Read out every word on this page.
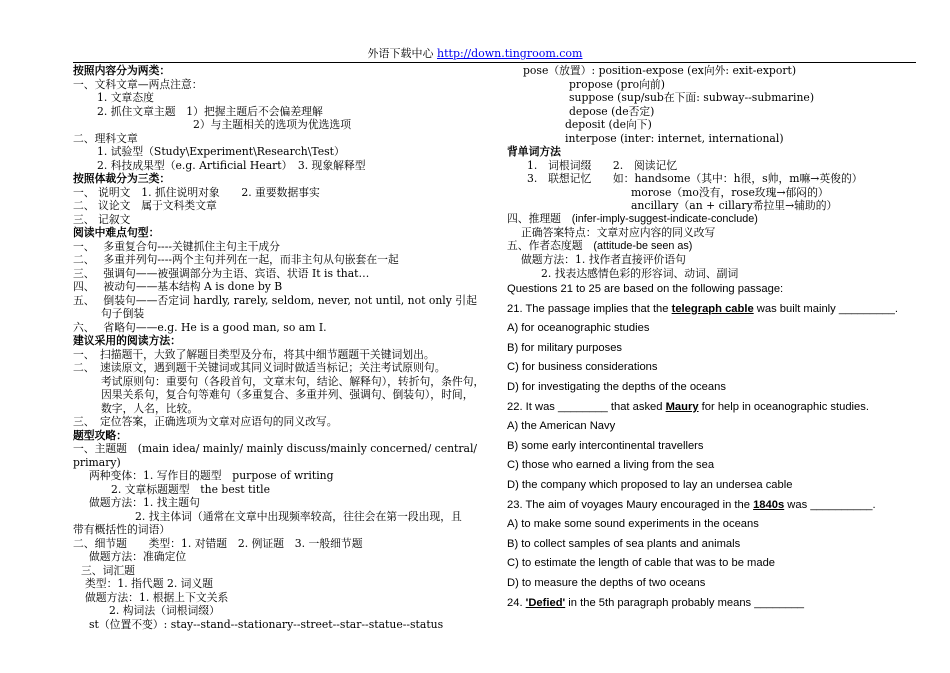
外语下载中心 http://down.tingroom.com
按照内容分为两类：
一、文科文章—两点注意：
1. 文章态度
2. 抓住文章主题　1）把握主题后不会偏差理解
2）与主题相关的选项为优选选项
二、理科文章
1. 试验型（Study\Experiment\Research\Test）
2. 科技成果型（e.g. Artificial Heart）　3. 现象解释型
按照体裁分为三类：
一、 说明文　1. 抓住说明对象　　2. 重要数据事实
二、 议论文　属于文科类文章
三、 记叙文
阅读中难点句型：
一、　 多重复合句----关键抓住主句主干成分
二、　 多重并列句----两个主句并列在一起，而非主句从句嵌套在一起
三、　 强调句——被强调部分为主语、宾语、状语 It is that…
四、　 被动句——基本结构 A is done by B
五、　 倒装句——否定词 hardly, rarely, seldom, never, not until, not only 引起
句子倒装
六、　 省略句——e.g. He is a good man, so am I.
建议采用的阅读方法：
一、　扫描题干，大致了解题目类型及分布，将其中细节题题干关键词划出。
二、　速读原文，遇到题干关键词或其同义词时做适当标记；关注考试原则句。
考试原则句：重要句（各段首句，文章末句，结论、解释句），转折句，条件句，
因果关系句，复合句等难句（多重复合、多重并列、强调句、倒装句），时间，
数字，人名，比较。
三、　定位答案，正确选项为文章对应语句的同义改写。
题型攻略：
一、主题题　(main idea/ mainly/ mainly discuss/mainly concerned/ central/
primary)
两种变体：1. 写作目的题型　purpose of writing
2. 文章标题题型　the best title
做题方法：1. 找主题句
2. 找主体词（通常在文章中出现频率较高，往往会在第一段出现，且
带有概括性的词语）
二、细节题　　类型：1. 对错题　2. 例证题　3. 一般细节题
做题方法：准确定位
三、词汇题
类型：1. 指代题 2. 词义题
做题方法：1. 根据上下文关系
2. 构词法（词根词缀）
st（位置不变）: stay--stand--stationary--street--star--statue--status
pose（放置）: position-expose (ex向外: exit-export)
propose (pro向前)
suppose (sup/sub在下面: subway--submarine)
depose (de否定)
deposit (de向下)
interpose (inter: internet, international)
背单词方法
1.　词根词缀　　2.　阅读记忆
3.　联想记忆　　如：handsome（其中：h很，s帅，m嘛→英俊的）
morose（mo没有，rose玫瑰→郁闷的）
ancillary（an + cillary希拉里→辅助的）
四、推理题　(infer-imply-suggest-indicate-conclude)
正确答案特点：文章对应内容的同义改写
五、作者态度题　(attitude-be seen as)
做题方法：1. 找作者直接评价语句
2. 找表达感情色彩的形容词、动词、副词
Questions 21 to 25 are based on the following passage:
21. The passage implies that the telegraph cable was built mainly _________.
A) for oceanographic studies
B) for military purposes
C) for business considerations
D) for investigating the depths of the oceans
22. It was ________ that asked Maury for help in oceanographic studies.
A) the American Navy
B) some early intercontinental travellers
C) those who earned a living from the sea
D) the company which proposed to lay an undersea cable
23. The aim of voyages Maury encouraged in the 1840s was __________.
A) to make some sound experiments in the oceans
B) to collect samples of sea plants and animals
C) to estimate the length of cable that was to be made
D) to measure the depths of two oceans
24. 'Defied' in the 5th paragraph probably means ________
